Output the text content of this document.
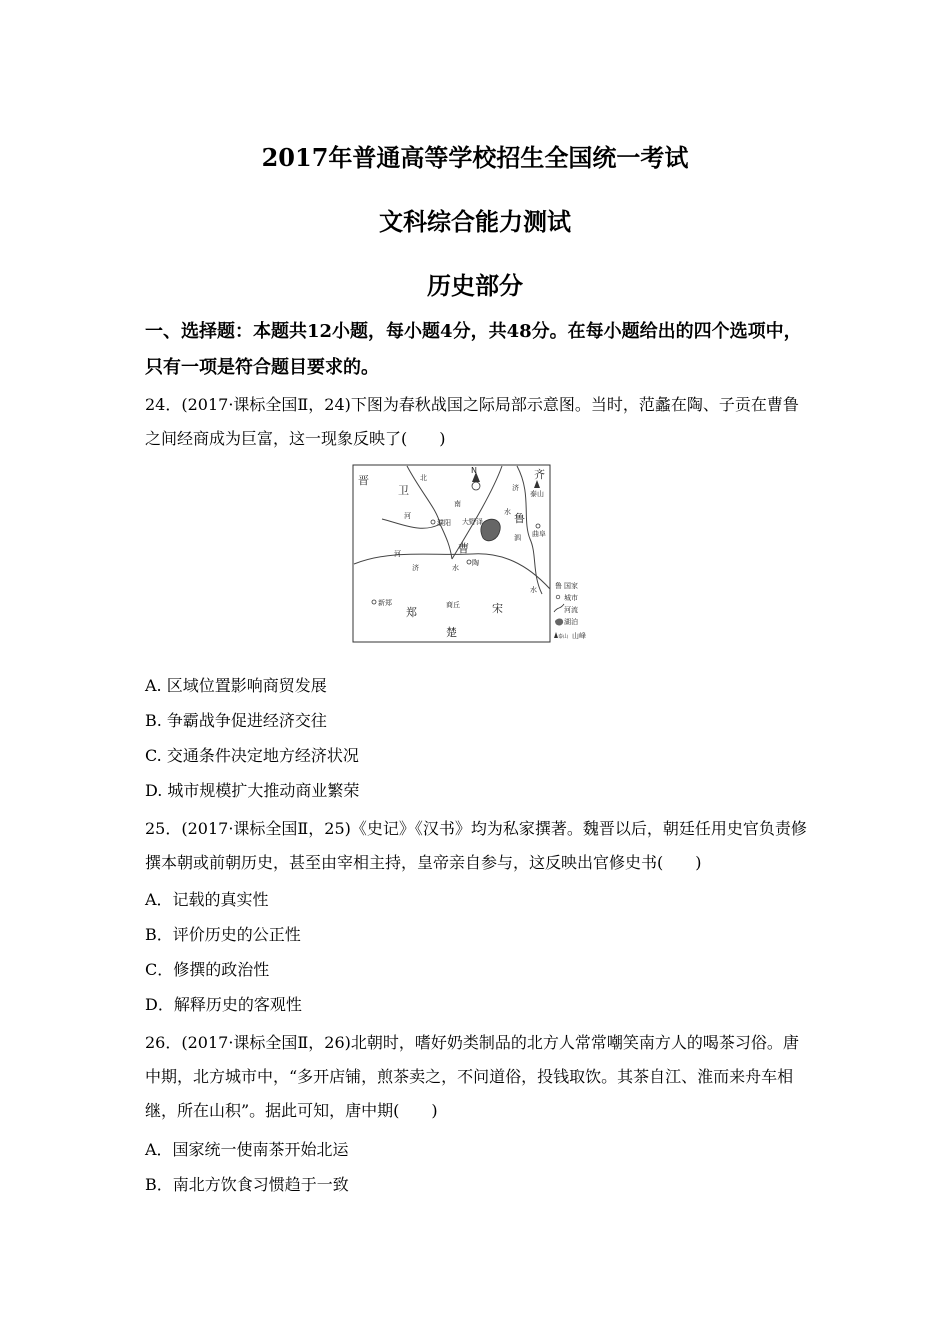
2017年普通高等学校招生全国统一考试
文科综合能力测试
历史部分
一、选择题：本题共12小题，每小题4分，共48分。在每小题给出的四个选项中，只有一项是符合题目要求的。
24．(2017·课标全国Ⅱ，24)下图为春秋战国之际局部示意图。当时，范蠡在陶、子贡在曹鲁之间经商成为巨富，这一现象反映了(　　)
N
晋
卫
齐
鲁
曹
郑	宋
楚
濮阳
陶
曲阜
新郑	商丘
大野泽
泰山
北
河
河
南
济
济
水
水
水
泗
鲁 国家
城市
河流
湖泊
泰山 山峰
A. 区域位置影响商贸发展
B. 争霸战争促进经济交往
C. 交通条件决定地方经济状况
D. 城市规模扩大推动商业繁荣
25．(2017·课标全国Ⅱ，25)《史记》《汉书》均为私家撰著。魏晋以后，朝廷任用史官负责修撰本朝或前朝历史，甚至由宰相主持，皇帝亲自参与，这反映出官修史书(　　)
A．记载的真实性
B．评价历史的公正性
C．修撰的政治性
D．解释历史的客观性
26．(2017·课标全国Ⅱ，26)北朝时，嗜好奶类制品的北方人常常嘲笑南方人的喝茶习俗。唐中期，北方城市中，“多开店铺，煎茶卖之，不问道俗，投钱取饮。其茶自江、淮而来舟车相继，所在山积”。据此可知，唐中期(　　)
A．国家统一使南茶开始北运
B．南北方饮食习惯趋于一致
